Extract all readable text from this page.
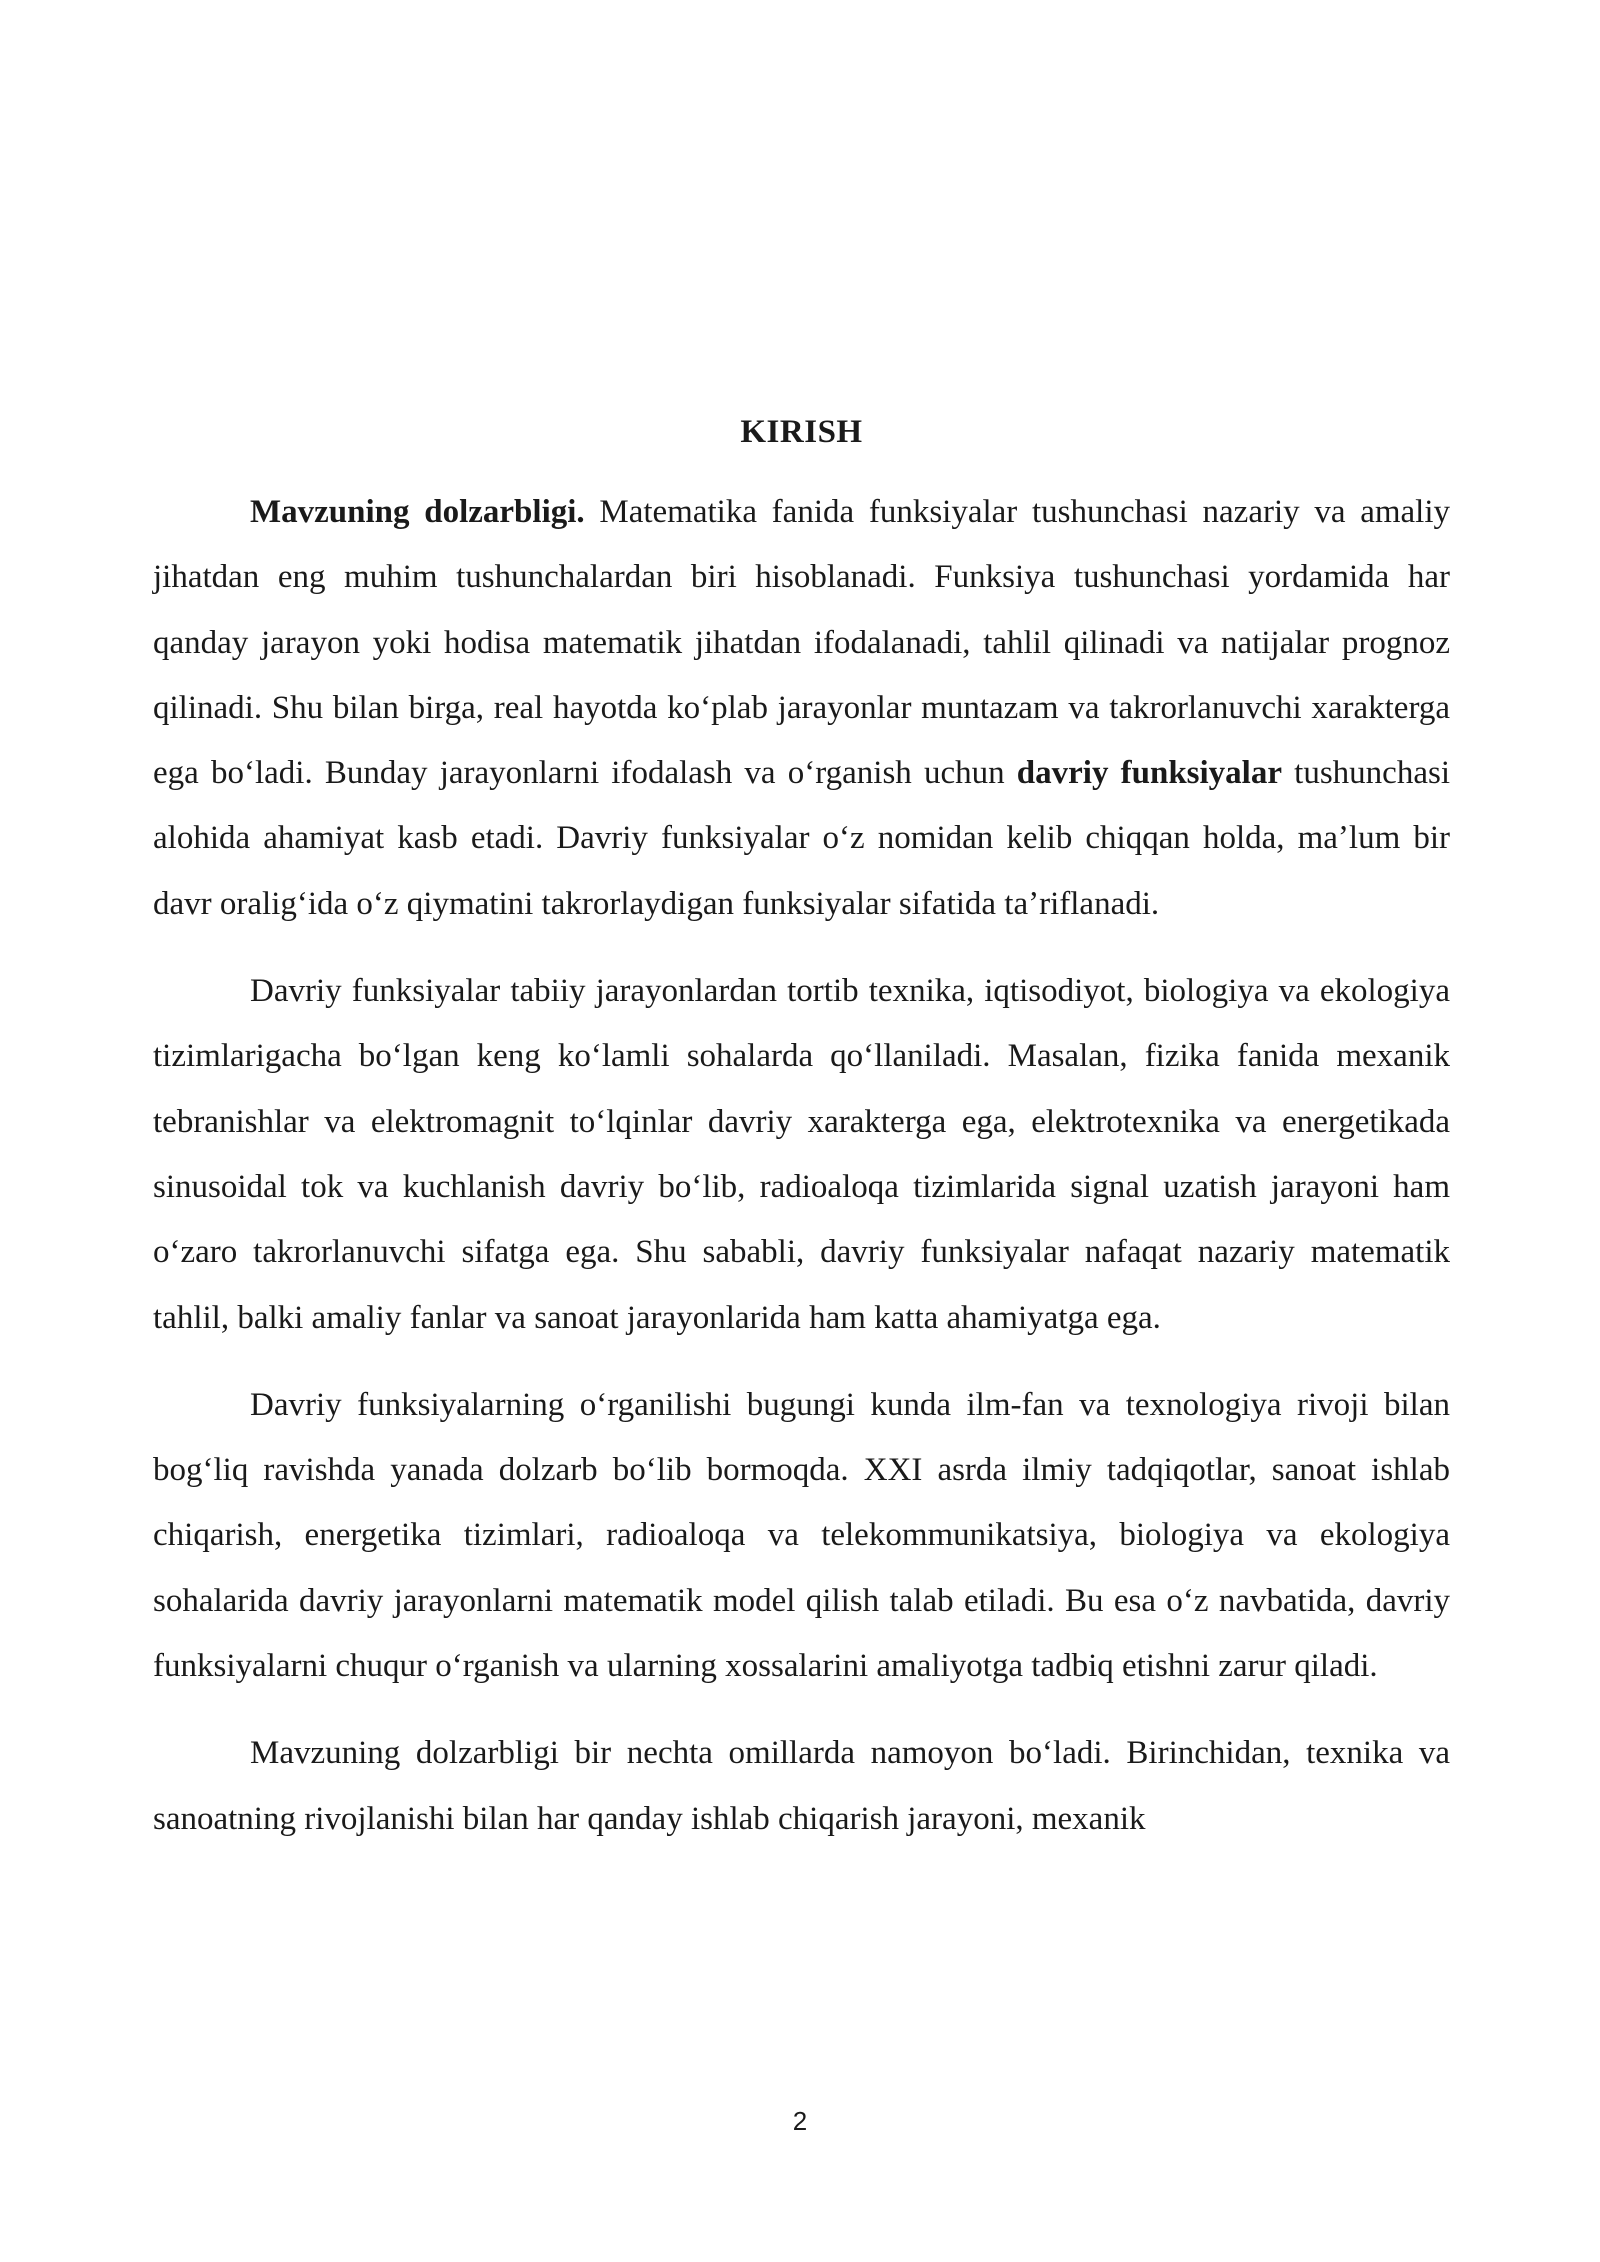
KIRISH

Mavzuning dolzarbligi. Matematika fanida funksiyalar tushunchasi nazariy va amaliy jihatdan eng muhim tushunchalardan biri hisoblanadi. Funksiya tushunchasi yordamida har qanday jarayon yoki hodisa matematik jihatdan ifodalanadi, tahlil qilinadi va natijalar prognoz qilinadi. Shu bilan birga, real hayotda koʻplab jarayonlar muntazam va takrorlanuvchi xarakterga ega boʻladi. Bunday jarayonlarni ifodalash va oʻrganish uchun davriy funksiyalar tushunchasi alohida ahamiyat kasb etadi. Davriy funksiyalar oʻz nomidan kelib chiqqan holda, maʼlum bir davr oraligʻida oʻz qiymatini takrorlaydigan funksiyalar sifatida taʼriflanadi.

Davriy funksiyalar tabiiy jarayonlardan tortib texnika, iqtisodiyot, biologiya va ekologiya tizimlarigacha boʻlgan keng koʻlamli sohalarda qoʻllaniladi. Masalan, fizika fanida mexanik tebranishlar va elektromagnit toʻlqinlar davriy xarakterga ega, elektrotexnika va energetikada sinusoidal tok va kuchlanish davriy boʻlib, radioaloqa tizimlarida signal uzatish jarayoni ham oʻzaro takrorlanuvchi sifatga ega. Shu sababli, davriy funksiyalar nafaqat nazariy matematik tahlil, balki amaliy fanlar va sanoat jarayonlarida ham katta ahamiyatga ega.

Davriy funksiyalarning oʻrganilishi bugungi kunda ilm-fan va texnologiya rivoji bilan bogʻliq ravishda yanada dolzarb boʻlib bormoqda. XXI asrda ilmiy tadqiqotlar, sanoat ishlab chiqarish, energetika tizimlari, radioaloqa va telekommunikatsiya, biologiya va ekologiya sohalarida davriy jarayonlarni matematik model qilish talab etiladi. Bu esa oʻz navbatida, davriy funksiyalarni chuqur oʻrganish va ularning xossalarini amaliyotga tadbiq etishni zarur qiladi.

Mavzuning dolzarbligi bir nechta omillarda namoyon boʻladi. Birinchidan, texnika va sanoatning rivojlanishi bilan har qanday ishlab chiqarish jarayoni, mexanik

2
